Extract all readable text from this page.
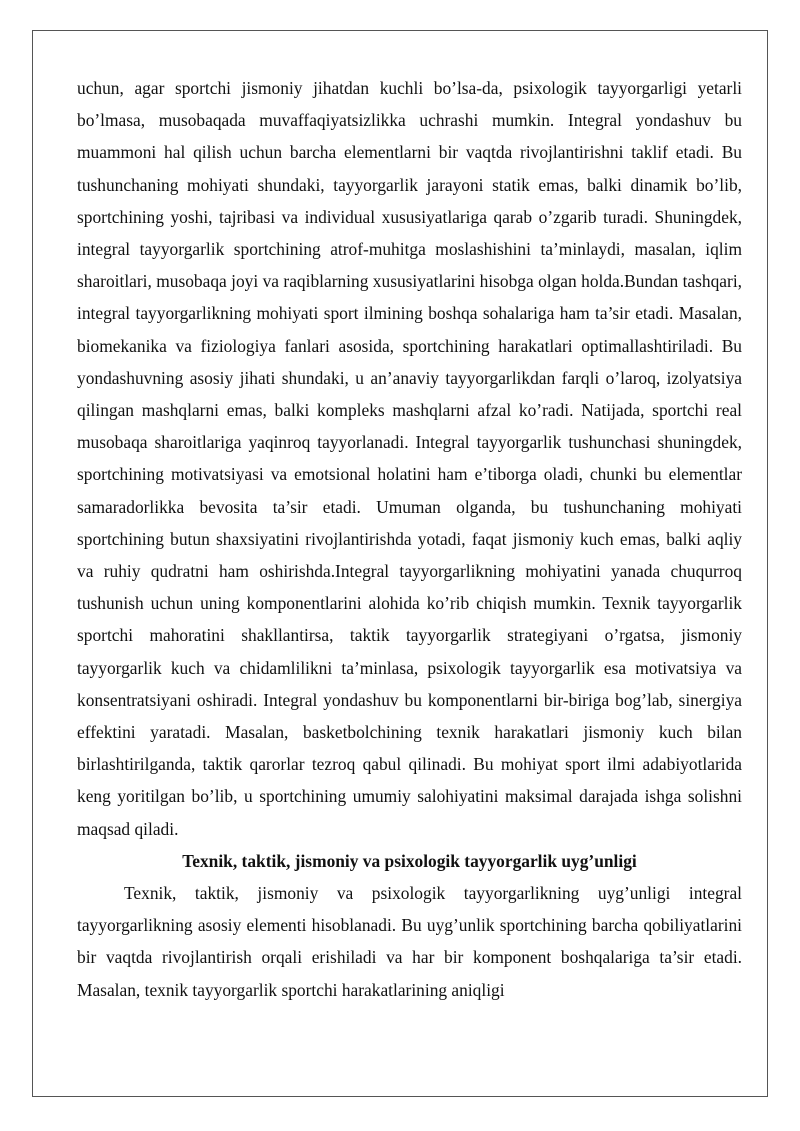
uchun, agar sportchi jismoniy jihatdan kuchli bo’lsa-da, psixologik tayyorgarligi yetarli bo’lmasa, musobaqada muvaffaqiyatsizlikka uchrashi mumkin. Integral yondashuv bu muammoni hal qilish uchun barcha elementlarni bir vaqtda rivojlantirishni taklif etadi. Bu tushunchaning mohiyati shundaki, tayyorgarlik jarayoni statik emas, balki dinamik bo’lib, sportchining yoshi, tajribasi va individual xususiyatlariga qarab o’zgarib turadi. Shuningdek, integral tayyorgarlik sportchining atrof-muhitga moslashishini ta’minlaydi, masalan, iqlim sharoitlari, musobaqa joyi va raqiblarning xususiyatlarini hisobga olgan holda.Bundan tashqari, integral tayyorgarlikning mohiyati sport ilmining boshqa sohalariga ham ta’sir etadi. Masalan, biomekanika va fiziologiya fanlari asosida, sportchining harakatlari optimallashtiriladi. Bu yondashuvning asosiy jihati shundaki, u an’anaviy tayyorgarlikdan farqli o’laroq, izolyatsiya qilingan mashqlarni emas, balki kompleks mashqlarni afzal ko’radi. Natijada, sportchi real musobaqa sharoitlariga yaqinroq tayyorlanadi. Integral tayyorgarlik tushunchasi shuningdek, sportchining motivatsiyasi va emotsional holatini ham e’tiborga oladi, chunki bu elementlar samaradorlikka bevosita ta’sir etadi. Umuman olganda, bu tushunchaning mohiyati sportchining butun shaxsiyatini rivojlantirishda yotadi, faqat jismoniy kuch emas, balki aqliy va ruhiy qudratni ham oshirishda.Integral tayyorgarlikning mohiyatini yanada chuqurroq tushunish uchun uning komponentlarini alohida ko’rib chiqish mumkin. Texnik tayyorgarlik sportchi mahoratini shakllantirsa, taktik tayyorgarlik strategiyani o’rgatsa, jismoniy tayyorgarlik kuch va chidamlilikni ta’minlasa, psixologik tayyorgarlik esa motivatsiya va konsentratsiyani oshiradi. Integral yondashuv bu komponentlarni bir-biriga bog’lab, sinergiya effektini yaratadi. Masalan, basketbolchining texnik harakatlari jismoniy kuch bilan birlashtirilganda, taktik qarorlar tezroq qabul qilinadi. Bu mohiyat sport ilmi adabiyotlarida keng yoritilgan bo’lib, u sportchining umumiy salohiyatini maksimal darajada ishga solishni maqsad qiladi.

Texnik, taktik, jismoniy va psixologik tayyorgarlik uyg’unligi

Texnik, taktik, jismoniy va psixologik tayyorgarlikning uyg’unligi integral tayyorgarlikning asosiy elementi hisoblanadi. Bu uyg’unlik sportchining barcha qobiliyatlarini bir vaqtda rivojlantirish orqali erishiladi va har bir komponent boshqalariga ta’sir etadi. Masalan, texnik tayyorgarlik sportchi harakatlarining aniqligi
